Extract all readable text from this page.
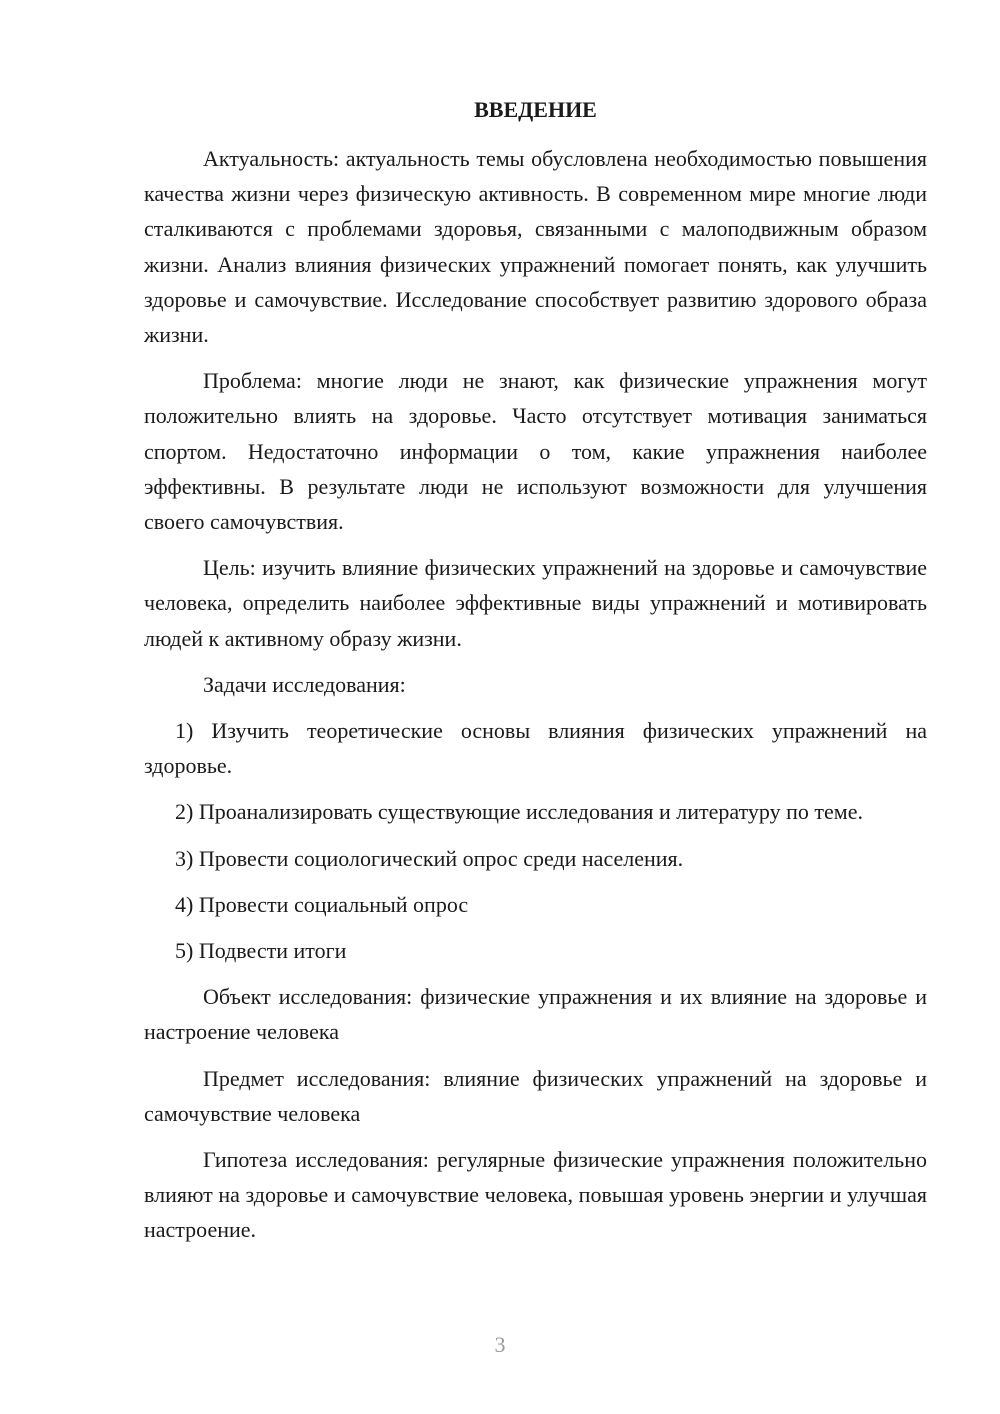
ВВЕДЕНИЕ

Актуальность: актуальность темы обусловлена необходимостью повышения качества жизни через физическую активность. В современном мире многие люди сталкиваются с проблемами здоровья, связанными с малоподвижным образом жизни. Анализ влияния физических упражнений помогает понять, как улучшить здоровье и самочувствие. Исследование способствует развитию здорового образа жизни.

Проблема: многие люди не знают, как физические упражнения могут положительно влиять на здоровье. Часто отсутствует мотивация заниматься спортом. Недостаточно информации о том, какие упражнения наиболее эффективны. В результате люди не используют возможности для улучшения своего самочувствия.

Цель: изучить влияние физических упражнений на здоровье и самочувствие человека, определить наиболее эффективные виды упражнений и мотивировать людей к активному образу жизни.

Задачи исследования:

1) Изучить теоретические основы влияния физических упражнений на здоровье.

2) Проанализировать существующие исследования и литературу по теме.

3) Провести социологический опрос среди населения.

4) Провести социальный опрос

5) Подвести итоги

Объект исследования: физические упражнения и их влияние на здоровье и настроение человека

Предмет исследования: влияние физических упражнений на здоровье и самочувствие человека

Гипотеза исследования: регулярные физические упражнения положительно влияют на здоровье и самочувствие человека, повышая уровень энергии и улучшая настроение.

3
